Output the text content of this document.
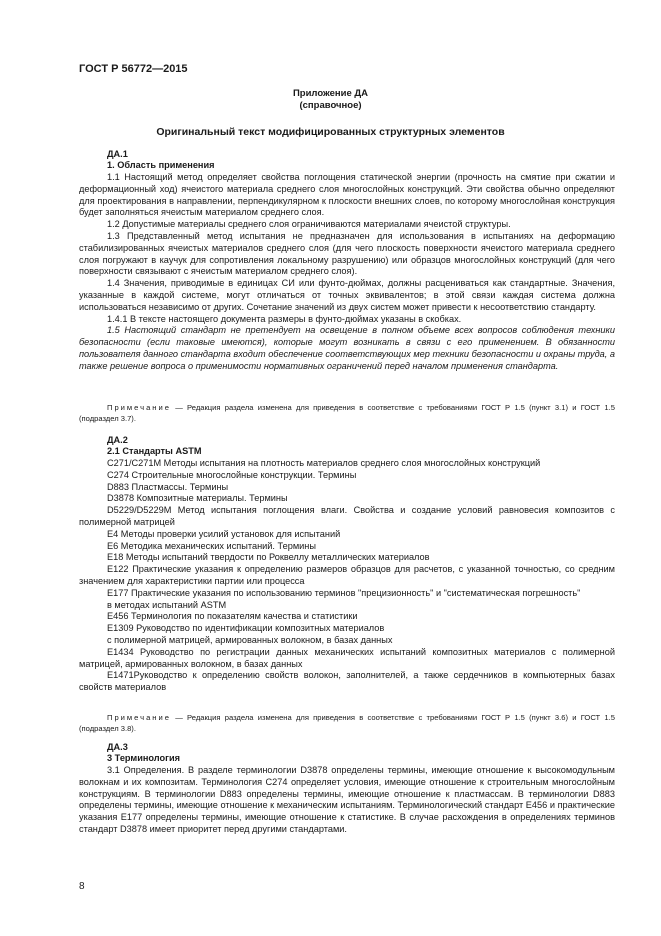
ГОСТ Р 56772—2015
Приложение ДА
(справочное)
Оригинальный текст модифицированных структурных элементов
ДА.1
1. Область применения

1.1 Настоящий метод определяет свойства поглощения статической энергии (прочность на смятие при сжатии и деформационный ход) ячеистого материала среднего слоя многослойных конструкций. Эти свойства обычно определяют для проектирования в направлении, перпендикулярном к плоскости внешних слоев, по которому многослойная конструкция будет заполняться ячеистым материалом среднего слоя.

1.2 Допустимые материалы среднего слоя ограничиваются материалами ячеистой структуры.

1.3 Представленный метод испытания не предназначен для использования в испытаниях на деформацию стабилизированных ячеистых материалов среднего слоя (для чего плоскость поверхности ячеистого материала среднего слоя погружают в каучук для сопротивления локальному разрушению) или образцов многослойных конструкций (для чего поверхности связывают с ячеистым материалом среднего слоя).

1.4 Значения, приводимые в единицах СИ или фунто-дюймах, должны расцениваться как стандартные. Значения, указанные в каждой системе, могут отличаться от точных эквивалентов; в этой связи каждая система должна использоваться независимо от других. Сочетание значений из двух систем может привести к несоответствию стандарту.

1.4.1 В тексте настоящего документа размеры в фунто-дюймах указаны в скобках.

1.5 Настоящий стандарт не претендует на освещение в полном объеме всех вопросов соблюдения техники безопасности (если таковые имеются), которые могут возникать в связи с его применением. В обязанности пользователя данного стандарта входит обеспечение соответствующих мер техники безопасности и охраны труда, а также решение вопроса о применимости нормативных ограничений перед началом применения стандарта.

Примечание — Редакция раздела изменена для приведения в соответствие с требованиями ГОСТ Р 1.5 (пункт 3.1) и ГОСТ 1.5 (подраздел 3.7).
ДА.2
2.1 Стандарты ASTM

C271/C271M Методы испытания на плотность материалов среднего слоя многослойных конструкций

C274 Строительные многослойные конструкции. Термины

D883 Пластмассы. Термины

D3878 Композитные материалы. Термины

D5229/D5229M Метод испытания поглощения влаги. Свойства и создание условий равновесия композитов с полимерной матрицей

E4 Методы проверки усилий установок для испытаний

E6 Методика механических испытаний. Термины

E18 Методы испытаний твердости по Роквеллу металлических материалов

E122 Практические указания к определению размеров образцов для расчетов, с указанной точностью, со средним значением для характеристики партии или процесса

E177 Практические указания по использованию терминов "прецизионность" и "систематическая погрешность"

в методах испытаний ASTM

E456 Терминология по показателям качества и статистики

E1309 Руководство по идентификации композитных материалов

с полимерной матрицей, армированных волокном, в базах данных

E1434 Руководство по регистрации данных механических испытаний композитных материалов с полимерной матрицей, армированных волокном, в базах данных

E1471Руководство к определению свойств волокон, заполнителей, а также сердечников в компьютерных базах свойств материалов

Примечание — Редакция раздела изменена для приведения в соответствие с требованиями ГОСТ Р 1.5 (пункт 3.6) и ГОСТ 1.5 (подраздел 3.8).
ДА.3
3 Терминология

3.1 Определения. В разделе терминологии D3878 определены термины, имеющие отношение к высокомодульным волокнам и их композитам. Терминология C274 определяет условия, имеющие отношение к строительным многослойным конструкциям. В терминологии D883 определены термины, имеющие отношение к пластмассам. В терминологии D883 определены термины, имеющие отношение к механическим испытаниям. Терминологический стандарт E456 и практические указания E177 определены термины, имеющие отношение к статистике. В случае расхождения в определениях терминов стандарт D3878 имеет приоритет перед другими стандартами.

8
